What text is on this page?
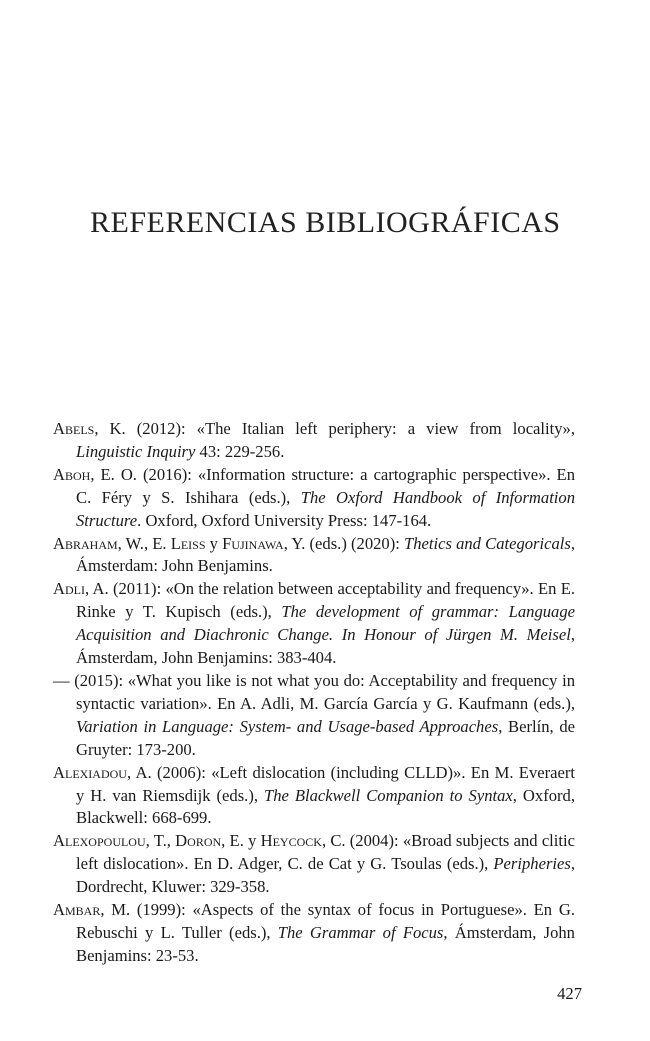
REFERENCIAS BIBLIOGRÁFICAS

Abels, K. (2012): «The Italian left periphery: a view from locality», Linguistic Inquiry 43: 229-256.

Aboh, E. O. (2016): «Information structure: a cartographic perspective». En C. Féry y S. Ishihara (eds.), The Oxford Handbook of Information Structure. Oxford, Oxford University Press: 147-164.

Abraham, W., E. Leiss y Fujinawa, Y. (eds.) (2020): Thetics and Categoricals, Ámsterdam: John Benjamins.

Adli, A. (2011): «On the relation between acceptability and frequency». En E. Rinke y T. Kupisch (eds.), The development of grammar: Language Acquisition and Diachronic Change. In Honour of Jürgen M. Meisel, Ámsterdam, John Benjamins: 383-404.

— (2015): «What you like is not what you do: Acceptability and frequency in syntactic variation». En A. Adli, M. García García y G. Kaufmann (eds.), Variation in Language: System- and Usage-based Approaches, Berlín, de Gruyter: 173-200.

Alexiadou, A. (2006): «Left dislocation (including CLLD)». En M. Everaert y H. van Riemsdijk (eds.), The Blackwell Companion to Syntax, Oxford, Blackwell: 668-699.

Alexopoulou, T., Doron, E. y Heycock, C. (2004): «Broad subjects and clitic left dislocation». En D. Adger, C. de Cat y G. Tsoulas (eds.), Peripheries, Dordrecht, Kluwer: 329-358.

Ambar, M. (1999): «Aspects of the syntax of focus in Portuguese». En G. Rebuschi y L. Tuller (eds.), The Grammar of Focus, Ámsterdam, John Benjamins: 23-53.

427
